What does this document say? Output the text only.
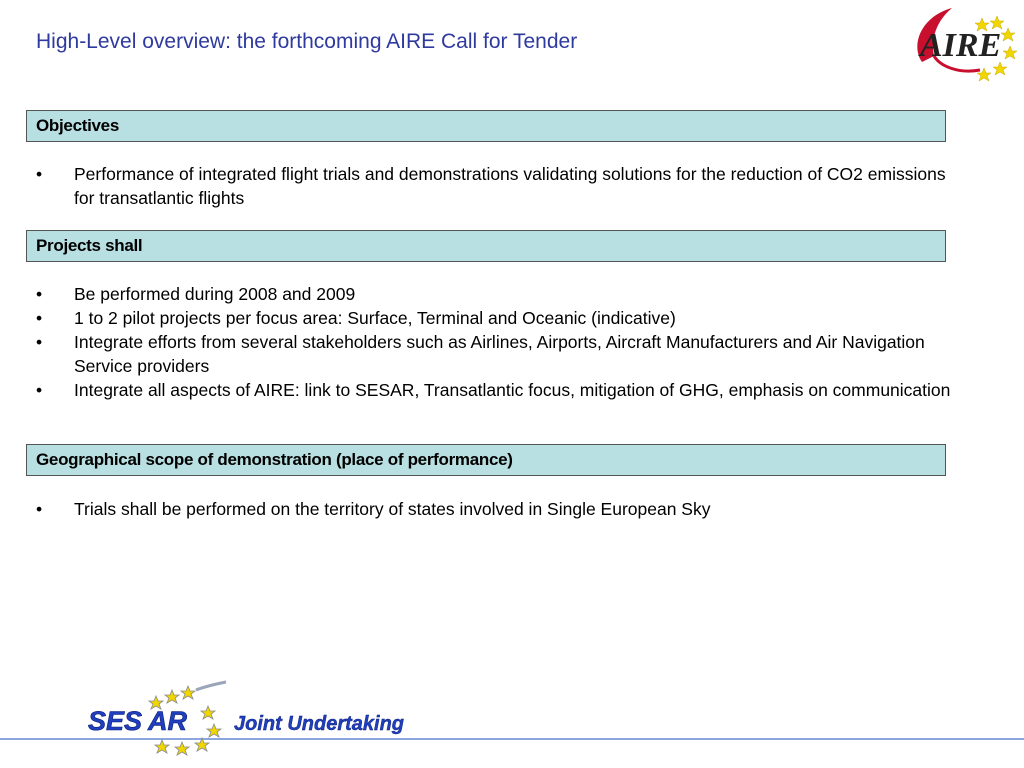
High-Level overview: the forthcoming AIRE Call for Tender	AIRE
Objectives
• Performance of integrated flight trials and demonstrations validating solutions for the reduction of CO2 emissions for transatlantic flights
Projects shall
• Be performed during 2008 and 2009
• 1 to 2 pilot projects per focus area: Surface, Terminal and Oceanic (indicative)
• Integrate efforts from several stakeholders such as Airlines, Airports, Aircraft Manufacturers and Air Navigation Service providers
• Integrate all aspects of AIRE: link to SESAR, Transatlantic focus, mitigation of GHG, emphasis on communication
Geographical scope of demonstration (place of performance)
• Trials shall be performed on the territory of states involved in Single European Sky
SES AR Joint Undertaking
